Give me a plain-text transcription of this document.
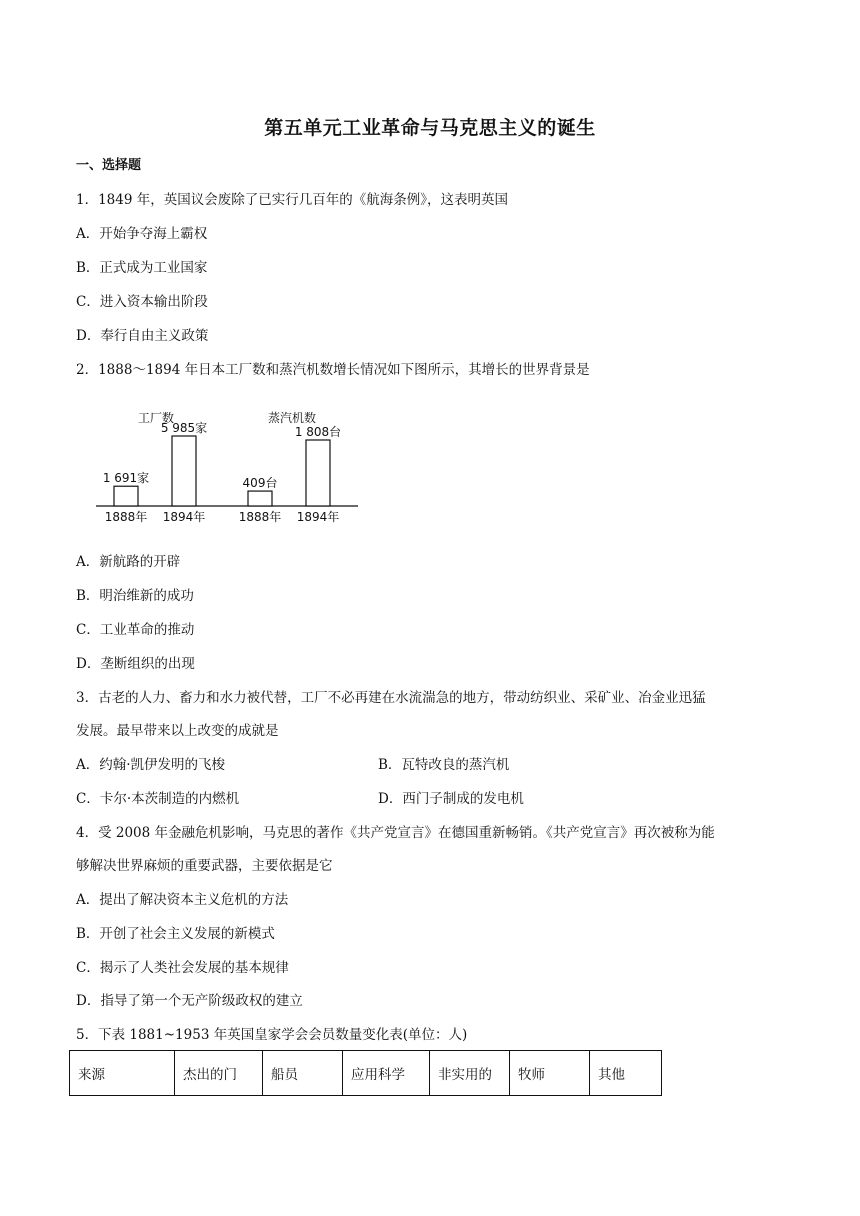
第五单元工业革命与马克思主义的诞生
一、选择题
1．1849 年，英国议会废除了已实行几百年的《航海条例》，这表明英国
A．开始争夺海上霸权
B．正式成为工业国家
C．进入资本输出阶段
D．奉行自由主义政策
2．1888～1894 年日本工厂数和蒸汽机数增长情况如下图所示，其增长的世界背景是
工厂数	蒸汽机数
1 691家
1888年
5 985家
1894年
409台
1888年
1 808台
1894年
A．新航路的开辟
B．明治维新的成功
C．工业革命的推动
D．垄断组织的出现
3．古老的人力、畜力和水力被代替，工厂不必再建在水流湍急的地方，带动纺织业、采矿业、冶金业迅猛
发展。最早带来以上改变的成就是
A．约翰·凯伊发明的飞梭	B．瓦特改良的蒸汽机
C．卡尔·本茨制造的内燃机	D．西门子制成的发电机
4．受 2008 年金融危机影响，马克思的著作《共产党宣言》在德国重新畅销。《共产党宣言》再次被称为能
够解决世界麻烦的重要武器，主要依据是它
A．提出了解决资本主义危机的方法
B．开创了社会主义发展的新模式
C．揭示了人类社会发展的基本规律
D．指导了第一个无产阶级政权的建立
5．下表 1881~1953 年英国皇家学会会员数量变化表(单位：人)
来源	杰出的门	船员	应用科学	非实用的	牧师	其他
